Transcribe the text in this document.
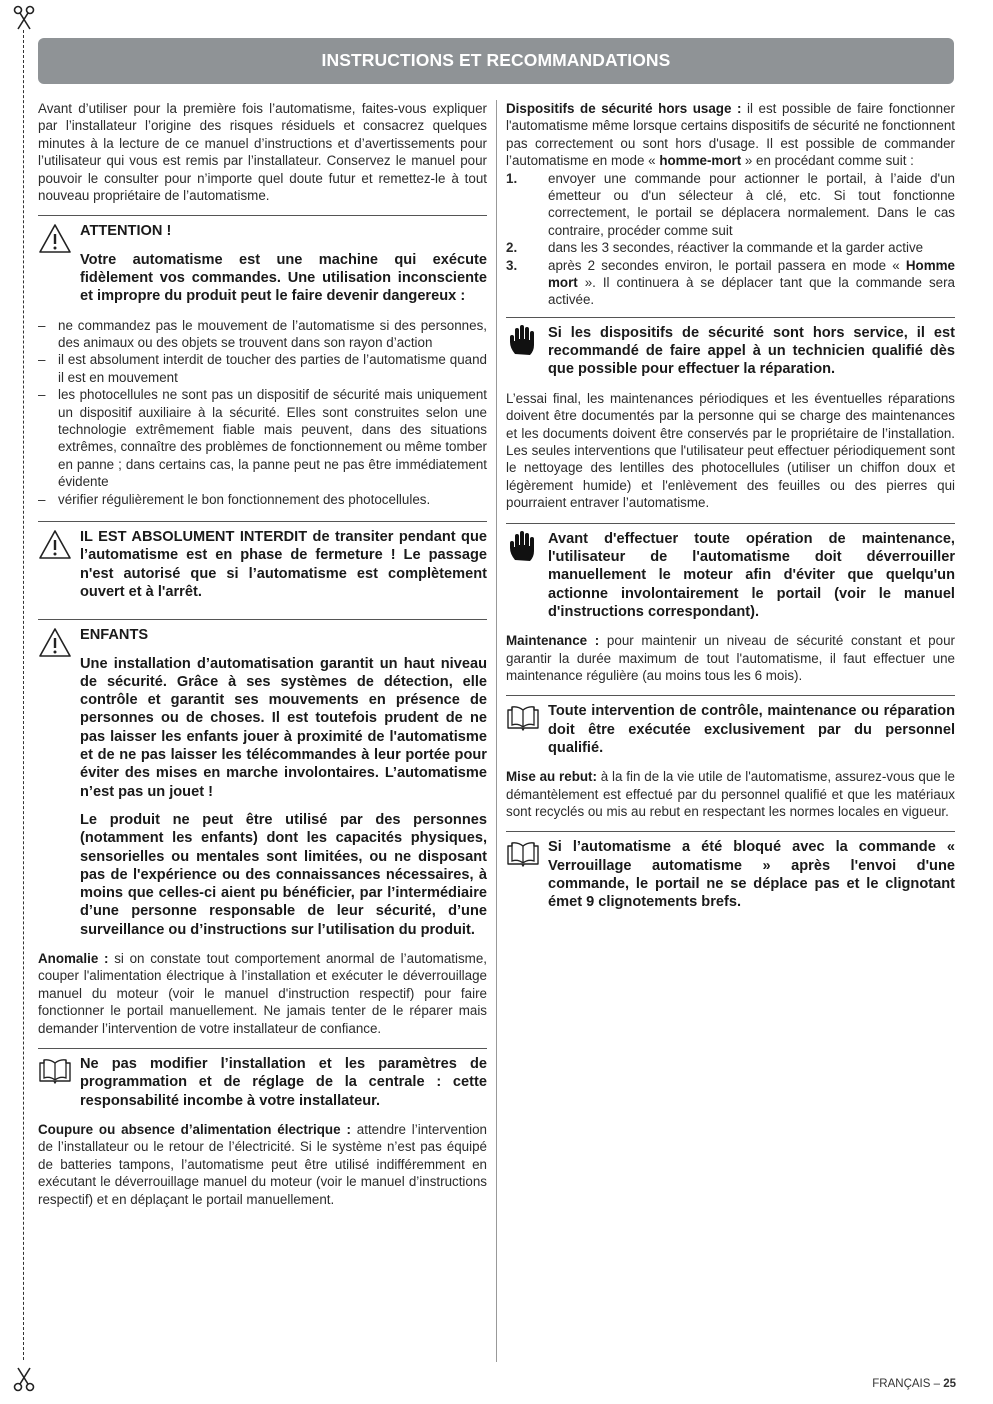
INSTRUCTIONS ET RECOMMANDATIONS

Avant d’utiliser pour la première fois l’automatisme, faites-vous expliquer par l’installateur l’origine des risques résiduels et consacrez quelques minutes à la lecture de ce manuel d’instructions et d’avertissements pour l’utilisateur qui vous est remis par l’installateur. Conservez le manuel pour pouvoir le consulter pour n’importe quel doute futur et remettez-le à tout nouveau propriétaire de l’automatisme.

ATTENTION !
Votre automatisme est une machine qui exécute fidèlement vos commandes. Une utilisation inconsciente et impropre du produit peut le faire devenir dangereux :
– ne commandez pas le mouvement de l’automatisme si des personnes, des animaux ou des objets se trouvent dans son rayon d’action
– il est absolument interdit de toucher des parties de l’automatisme quand il est en mouvement
– les photocellules ne sont pas un dispositif de sécurité mais uniquement un dispositif auxiliaire à la sécurité. Elles sont construites selon une technologie extrêmement fiable mais peuvent, dans des situations extrêmes, connaître des problèmes de fonctionnement ou même tomber en panne ; dans certains cas, la panne peut ne pas être immédiatement évidente
– vérifier régulièrement le bon fonctionnement des photocellules.
IL EST ABSOLUMENT INTERDIT de transiter pendant que l’automatisme est en phase de fermeture ! Le passage n'est autorisé que si l’automatisme est complètement ouvert et à l'arrêt.
ENFANTS
Une installation d’automatisation garantit un haut niveau de sécurité. Grâce à ses systèmes de détection, elle contrôle et garantit ses mouvements en présence de personnes ou de choses. Il est toutefois prudent de ne pas laisser les enfants jouer à proximité de l'automatisme et de ne pas laisser les télécommandes à leur portée pour éviter des mises en marche involontaires. L’automatisme n’est pas un jouet !
Le produit ne peut être utilisé par des personnes (notamment les enfants) dont les capacités physiques, sensorielles ou mentales sont limitées, ou ne disposant pas de l'expérience ou des connaissances nécessaires, à moins que celles-ci aient pu bénéficier, par l’intermédiaire d’une personne responsable de leur sécurité, d’une surveillance ou d’instructions sur l’utilisation du produit.

Anomalie : si on constate tout comportement anormal de l’automatisme, couper l'alimentation électrique à l’installation et exécuter le déverrouillage manuel du moteur (voir le manuel d'instruction respectif) pour faire fonctionner le portail manuellement. Ne jamais tenter de le réparer mais demander l’intervention de votre installateur de confiance.

Ne pas modifier l’installation et les paramètres de programmation et de réglage de la centrale : cette responsabilité incombe à votre installateur.

Coupure ou absence d’alimentation électrique : attendre l’intervention de l’installateur ou le retour de l’électricité. Si le système n’est pas équipé de batteries tampons, l’automatisme peut être utilisé indifféremment en exécutant le déverrouillage manuel du moteur (voir le manuel d’instructions respectif) et en déplaçant le portail manuellement.

Dispositifs de sécurité hors usage : il est possible de faire fonctionner l'automatisme même lorsque certains dispositifs de sécurité ne fonctionnent pas correctement ou sont hors d'usage. Il est possible de commander l’automatisme en mode « homme-mort » en procédant comme suit :

1. envoyer une commande pour actionner le portail, à l’aide d'un émetteur ou d'un sélecteur à clé, etc. Si tout fonctionne correctement, le portail se déplacera normalement. Dans le cas contraire, procéder comme suit
2. dans les 3 secondes, réactiver la commande et la garder active
3. après 2 secondes environ, le portail passera en mode « Homme mort ». Il continuera à se déplacer tant que la commande sera activée.
Si les dispositifs de sécurité sont hors service, il est recommandé de faire appel à un technicien qualifié dès que possible pour effectuer la réparation.

L’essai final, les maintenances périodiques et les éventuelles réparations doivent être documentés par la personne qui se charge des maintenances et les documents doivent être conservés par le propriétaire de l’installation. Les seules interventions que l'utilisateur peut effectuer périodiquement sont le nettoyage des lentilles des photocellules (utiliser un chiffon doux et légèrement humide) et l'enlèvement des feuilles ou des pierres qui pourraient entraver l’automatisme.

Avant d'effectuer toute opération de maintenance, l'utilisateur de l'automatisme doit déverrouiller manuellement le moteur afin d'éviter que quelqu'un actionne involontairement le portail (voir le manuel d'instructions correspondant).

Maintenance : pour maintenir un niveau de sécurité constant et pour garantir la durée maximum de tout l'automatisme, il faut effectuer une maintenance régulière (au moins tous les 6 mois).

Toute intervention de contrôle, maintenance ou réparation doit être exécutée exclusivement par du personnel qualifié.

Mise au rebut: à la fin de la vie utile de l'automatisme, assurez-vous que le démantèlement est effectué par du personnel qualifié et que les matériaux sont recyclés ou mis au rebut en respectant les normes locales en vigueur.

Si l’automatisme a été bloqué avec la commande « Verrouillage automatisme » après l'envoi d'une commande, le portail ne se déplace pas et le clignotant émet 9 clignotements brefs.
FRANÇAIS – 25
